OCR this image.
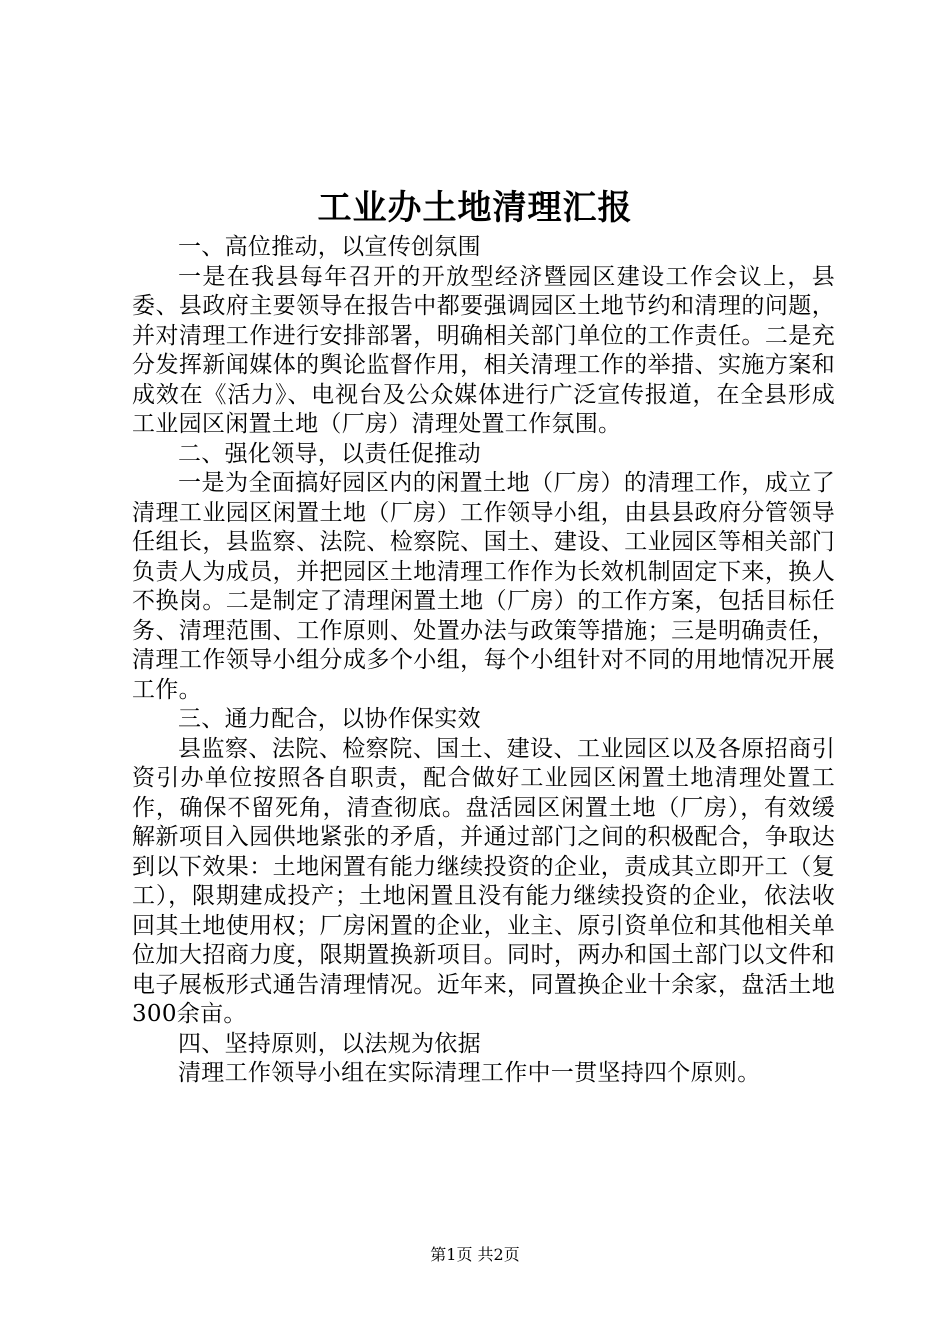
工业办土地清理汇报

一、高位推动，以宣传创氛围

一是在我县每年召开的开放型经济暨园区建设工作会议上，县委、县政府主要领导在报告中都要强调园区土地节约和清理的问题，并对清理工作进行安排部署，明确相关部门单位的工作责任。二是充分发挥新闻媒体的舆论监督作用，相关清理工作的举措、实施方案和成效在《活力》、电视台及公众媒体进行广泛宣传报道，在全县形成工业园区闲置土地（厂房）清理处置工作氛围。

二、强化领导，以责任促推动

一是为全面搞好园区内的闲置土地（厂房）的清理工作，成立了清理工业园区闲置土地（厂房）工作领导小组，由县县政府分管领导任组长，县监察、法院、检察院、国土、建设、工业园区等相关部门负责人为成员，并把园区土地清理工作作为长效机制固定下来，换人不换岗。二是制定了清理闲置土地（厂房）的工作方案，包括目标任务、清理范围、工作原则、处置办法与政策等措施；三是明确责任，清理工作领导小组分成多个小组，每个小组针对不同的用地情况开展工作。

三、通力配合，以协作保实效

县监察、法院、检察院、国土、建设、工业园区以及各原招商引资引办单位按照各自职责，配合做好工业园区闲置土地清理处置工作，确保不留死角，清查彻底。盘活园区闲置土地（厂房），有效缓解新项目入园供地紧张的矛盾，并通过部门之间的积极配合，争取达到以下效果：土地闲置有能力继续投资的企业，责成其立即开工（复工），限期建成投产；土地闲置且没有能力继续投资的企业，依法收回其土地使用权；厂房闲置的企业，业主、原引资单位和其他相关单位加大招商力度，限期置换新项目。同时，两办和国土部门以文件和电子展板形式通告清理情况。近年来，同置换企业十余家，盘活土地300余亩。

四、坚持原则，以法规为依据

清理工作领导小组在实际清理工作中一贯坚持四个原则。

第1页 共2页
